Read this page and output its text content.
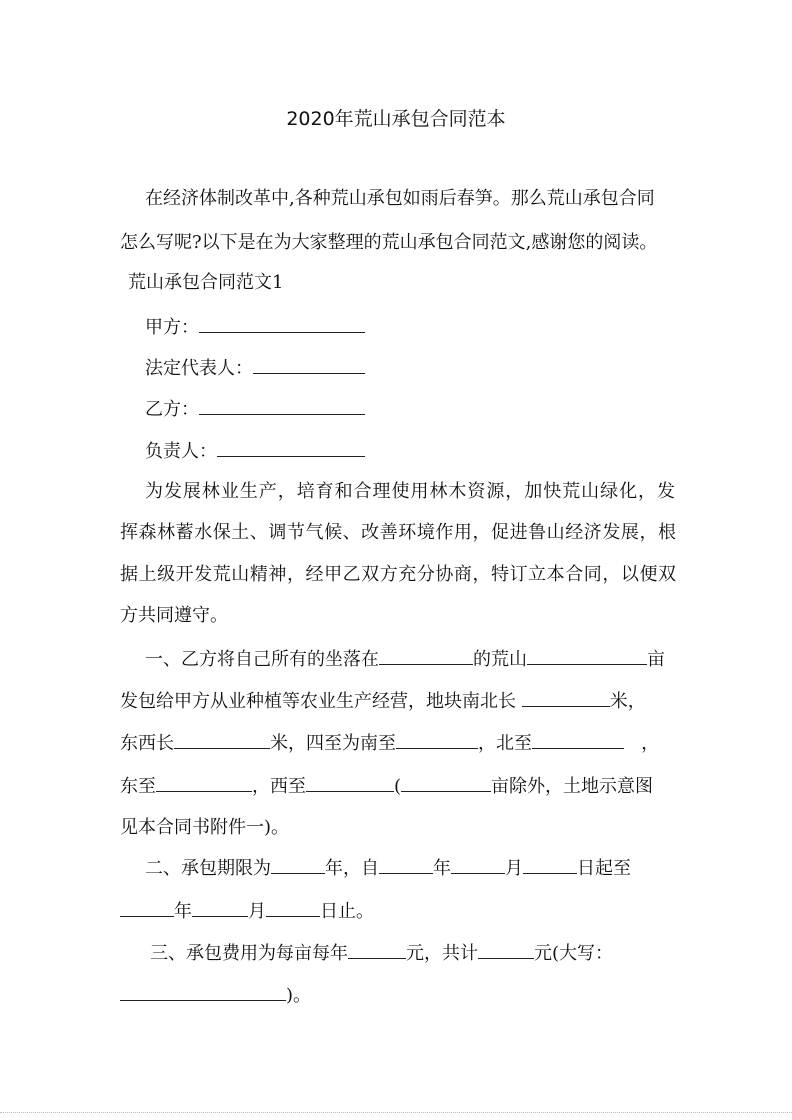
2020年荒山承包合同范本
在经济体制改革中,各种荒山承包如雨后春笋。那么荒山承包合同
怎么写呢?以下是在为大家整理的荒山承包合同范文,感谢您的阅读。
荒山承包合同范文1
甲方：
法定代表人：
乙方：
负责人：
为发展林业生产，培育和合理使用林木资源，加快荒山绿化，发
挥森林蓄水保土、调节气候、改善环境作用，促进鲁山经济发展，根
据上级开发荒山精神，经甲乙双方充分协商，特订立本合同，以便双
方共同遵守。
一、乙方将自己所有的坐落在	的荒山	亩
发包给甲方从业种植等农业生产经营，地块南北长	米，
东西长	米，四至为南至	，北至	，
东至	，西至	(	亩除外，土地示意图
见本合同书附件一)。
二、承包期限为	年，自	年	月	日起至
年	月	日止。
三、承包费用为每亩每年	元，共计	元(大写：
)。
